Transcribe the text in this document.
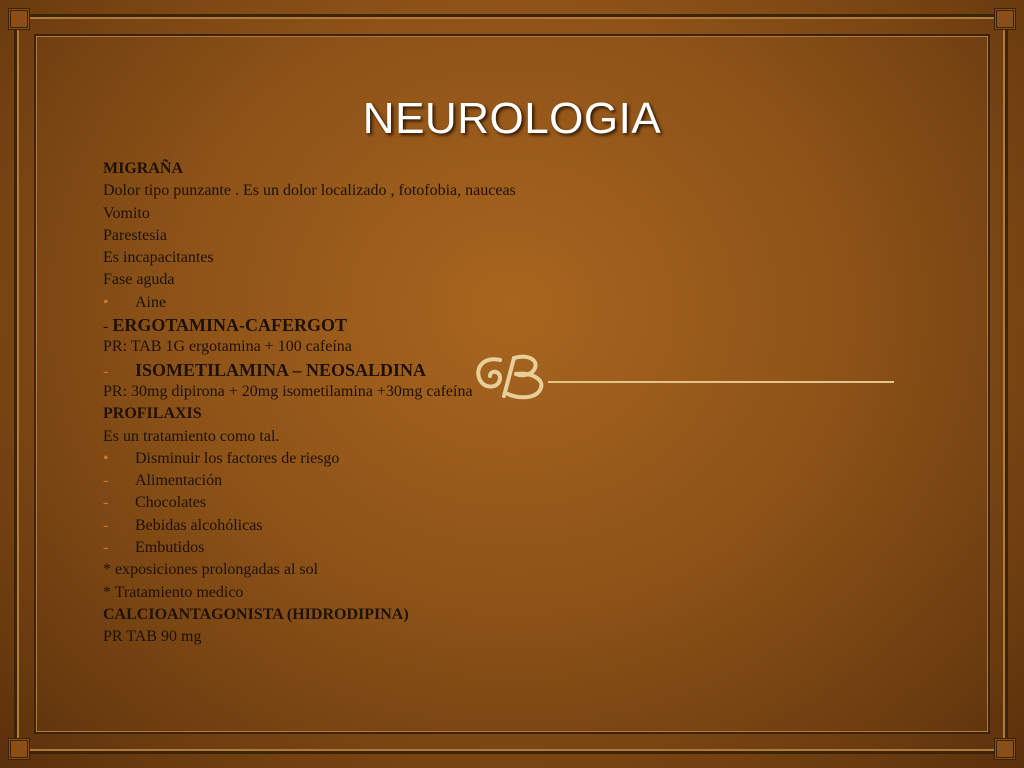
NEUROLOGIA
MIGRAÑA
Dolor tipo punzante . Es un dolor localizado , fotofobia, nauceas
Vomito
Parestesia
Es incapacitantes
Fase aguda
• Aine
- ERGOTAMINA-CAFERGOT
PR: TAB 1G ergotamina + 100 cafeína
- ISOMETILAMINA – NEOSALDINA
PR: 30mg dipirona + 20mg isometilamina +30mg cafeína
PROFILAXIS
Es un tratamiento como tal.
• Disminuir los factores de riesgo
- Alimentación
- Chocolates
- Bebidas alcohólicas
- Embutidos
* exposiciones prolongadas al sol
* Tratamiento medico
CALCIOANTAGONISTA (HIDRODIPINA)
PR TAB 90 mg
